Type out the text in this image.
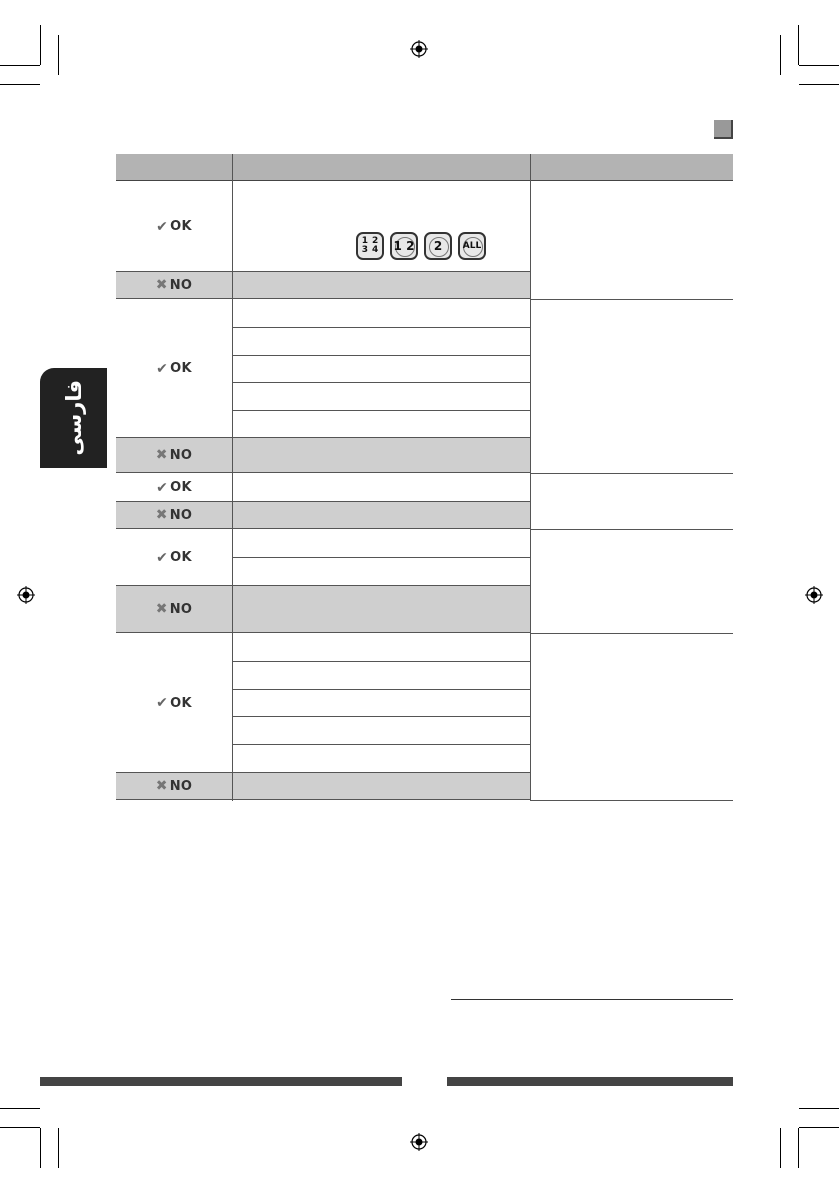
فارسی
✔ OK
1 2
3 4 1 2 2 ALL
✖ NO
✔ OK
✖ NO
✔ OK
✖ NO
✔ OK
✖ NO
✔ OK
✖ NO
